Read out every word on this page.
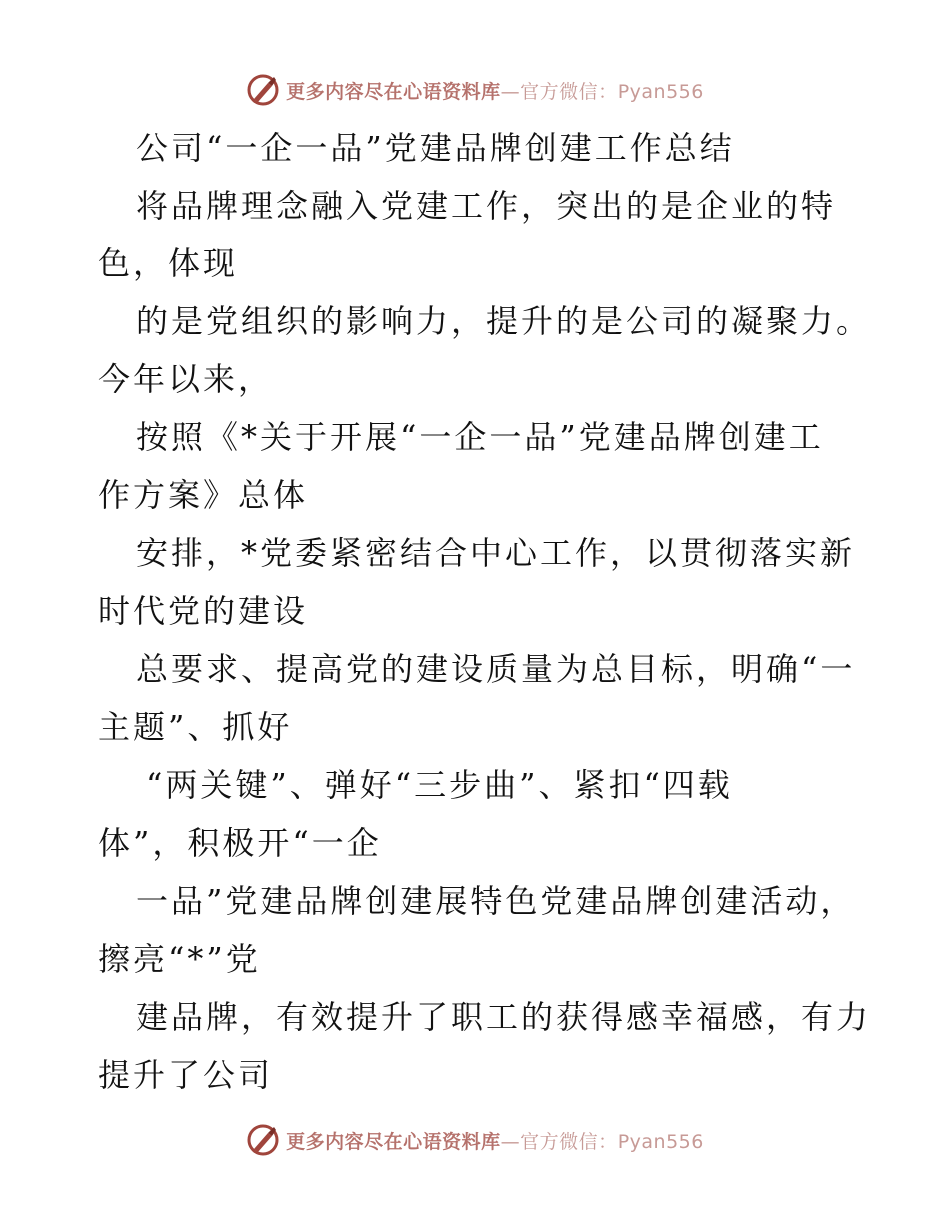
更多内容尽在心语资料库—官方微信：Pyan556
公司“一企一品”党建品牌创建工作总结
将品牌理念融入党建工作，突出的是企业的特
色，体现
的是党组织的影响力，提升的是公司的凝聚力。
今年以来，
按照《*关于开展“一企一品”党建品牌创建工
作方案》总体
安排，*党委紧密结合中心工作，以贯彻落实新
时代党的建设
总要求、提高党的建设质量为总目标，明确“一
主题”、抓好
“两关键”、弹好“三步曲”、紧扣“四载
体”，积极开“一企
一品”党建品牌创建展特色党建品牌创建活动，
擦亮“*”党
建品牌，有效提升了职工的获得感幸福感，有力
提升了公司
更多内容尽在心语资料库—官方微信：Pyan556
